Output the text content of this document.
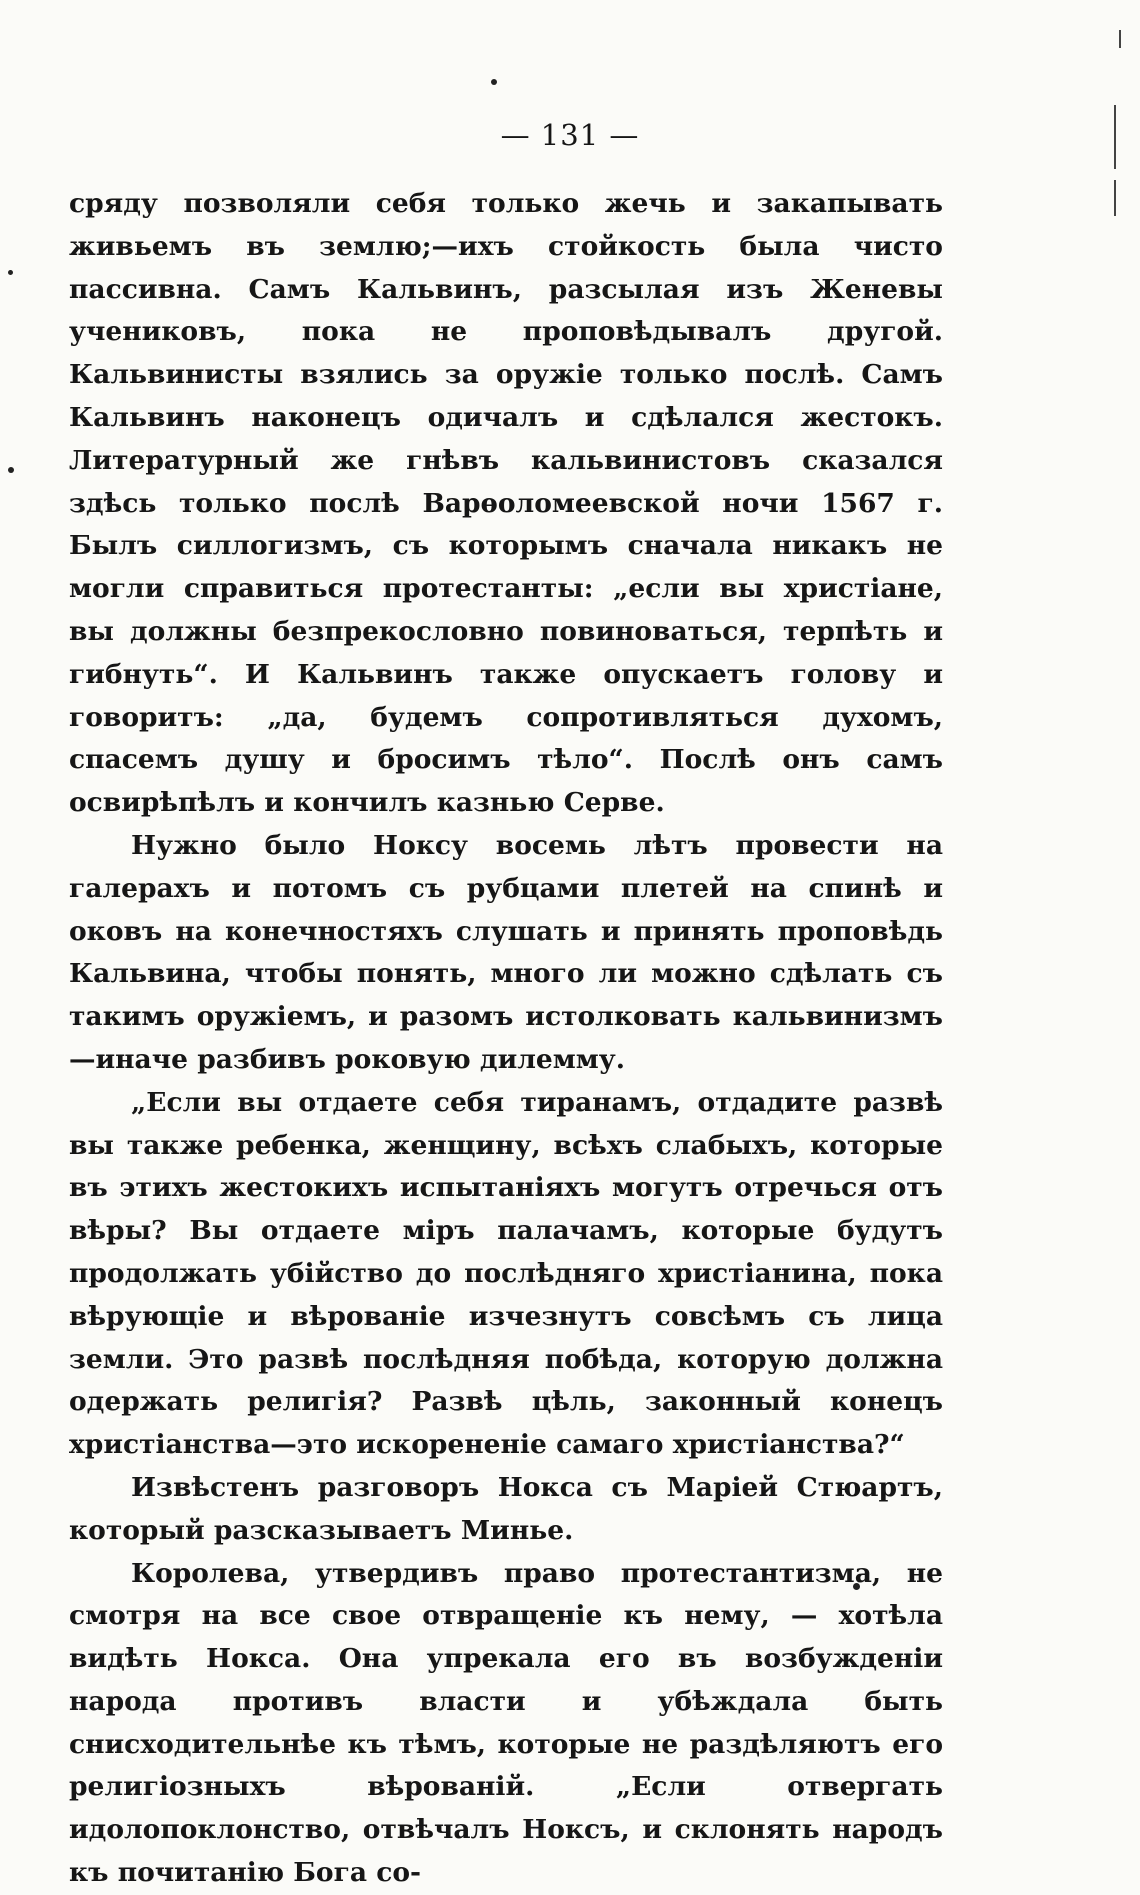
— 131 —

сряду позволяли себя только жечь и закапывать живьемъ въ землю;—ихъ стойкость была чисто пассивна. Самъ Кальвинъ, разсылая изъ Женевы учениковъ, пока не проповѣдывалъ другой. Кальвинисты взялись за оружіе только послѣ. Самъ Кальвинъ наконецъ одичалъ и сдѣлался жестокъ. Литературный же гнѣвъ кальвинистовъ сказался здѣсь только послѣ Варѳоломеевской ночи 1567 г. Былъ силлогизмъ, съ которымъ сначала никакъ не могли справиться протестанты: „если вы христіане, вы должны безпрекословно повиноваться, терпѣть и гибнуть“. И Кальвинъ также опускаетъ голову и говоритъ: „да, будемъ сопротивляться духомъ, спасемъ душу и бросимъ тѣло“. Послѣ онъ самъ освирѣпѣлъ и кончилъ казнью Серве.

Нужно было Ноксу восемь лѣтъ провести на галерахъ и потомъ съ рубцами плетей на спинѣ и оковъ на конечностяхъ слушать и принять проповѣдь Кальвина, чтобы понять, много ли можно сдѣлать съ такимъ оружіемъ, и разомъ истолковать кальвинизмъ—иначе разбивъ роковую дилемму.

„Если вы отдаете себя тиранамъ, отдадите развѣ вы также ребенка, женщину, всѣхъ слабыхъ, которые въ этихъ жестокихъ испытаніяхъ могутъ отречься отъ вѣры? Вы отдаете міръ палачамъ, которые будутъ продолжать убійство до послѣдняго христіанина, пока вѣрующіе и вѣрованіе изчезнутъ совсѣмъ съ лица земли. Это развѣ послѣдняя побѣда, которую должна одержать религія? Развѣ цѣль, законный конецъ христіанства—это искорененіе самаго христіанства?“

Извѣстенъ разговоръ Нокса съ Маріей Стюартъ, который разсказываетъ Минье.

Королева, утвердивъ право протестантизма, не смотря на все свое отвращеніе къ нему, — хотѣла видѣть Нокса. Она упрекала его въ возбужденіи народа противъ власти и убѣждала быть снисходительнѣе къ тѣмъ, которые не раздѣляютъ его религіозныхъ вѣрованій. „Если отвергать идолопоклонство, отвѣчалъ Ноксъ, и склонять народъ къ почитанію Бога со-
